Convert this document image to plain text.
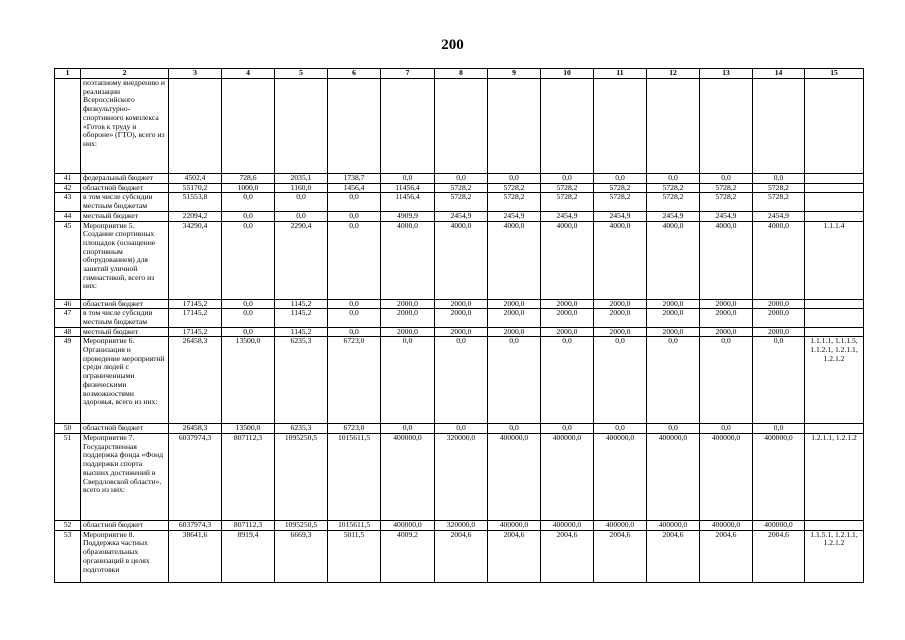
200
1	2	3	4	5	6	7	8	9	10	11	12	13	14	15
	поэтапному внедрению и реализации Всероссийского физкультурно-спортивного комплекса «Готов к труду и обороне» (ГТО), всего из них:													
41	федеральный бюджет	4502,4	728,6	2035,1	1738,7	0,0	0,0	0,0	0,0	0,0	0,0	0,0	0,0	
42	областной бюджет	55170,2	1000,0	1160,0	1456,4	11456,4	5728,2	5728,2	5728,2	5728,2	5728,2	5728,2	5728,2	
43	в том числе субсидии местным бюджетам	51553,8	0,0	0,0	0,0	11456,4	5728,2	5728,2	5728,2	5728,2	5728,2	5728,2	5728,2	
44	местный бюджет	22094,2	0,0	0,0	0,0	4909,9	2454,9	2454,9	2454,9	2454,9	2454,9	2454,9	2454,9	
45	Мероприятие 5. Создание спортивных площадок (оснащение спортивным оборудованием) для занятий уличной гимнастикой, всего из них:	34290,4	0,0	2290,4	0,0	4000,0	4000,0	4000,0	4000,0	4000,0	4000,0	4000,0	4000,0	1.1.1.4
46	областной бюджет	17145,2	0,0	1145,2	0,0	2000,0	2000,0	2000,0	2000,0	2000,0	2000,0	2000,0	2000,0	
47	в том числе субсидии местным бюджетам	17145,2	0,0	1145,2	0,0	2000,0	2000,0	2000,0	2000,0	2000,0	2000,0	2000,0	2000,0	
48	местный бюджет	17145,2	0,0	1145,2	0,0	2000,0	2000,0	2000,0	2000,0	2000,0	2000,0	2000,0	2000,0	
49	Мероприятие 6. Организация и проведение мероприятий среди людей с ограниченными физическими возможностями здоровья, всего из них:	26458,3	13500,0	6235,3	6723,0	0,0	0,0	0,0	0,0	0,0	0,0	0,0	0,0	1.1.1.1, 1.1.1.5, 1.1.2.1, 1.2.1.1, 1.2.1.2
50	областной бюджет	26458,3	13500,0	6235,3	6723,0	0,0	0,0	0,0	0,0	0,0	0,0	0,0	0,0	
51	Мероприятие 7. Государственная поддержка фонда «Фонд поддержки спорта высших достижений в Свердловской области», всего из них:	6037974,3	807112,3	1095250,5	1015611,5	400000,0	320000,0	400000,0	400000,0	400000,0	400000,0	400000,0	400000,0	1.2.1.1, 1.2.1.2
52	областной бюджет	6037974,3	807112,3	1095250,5	1015611,5	400000,0	320000,0	400000,0	400000,0	400000,0	400000,0	400000,0	400000,0	
53	Мероприятие 8. Поддержка частных образовательных организаций в целях подготовки	38641,6	8919,4	6669,3	5011,5	4009,2	2004,6	2004,6	2004,6	2004,6	2004,6	2004,6	2004,6	1.1.5.1, 1.2.1.1, 1.2.1.2
